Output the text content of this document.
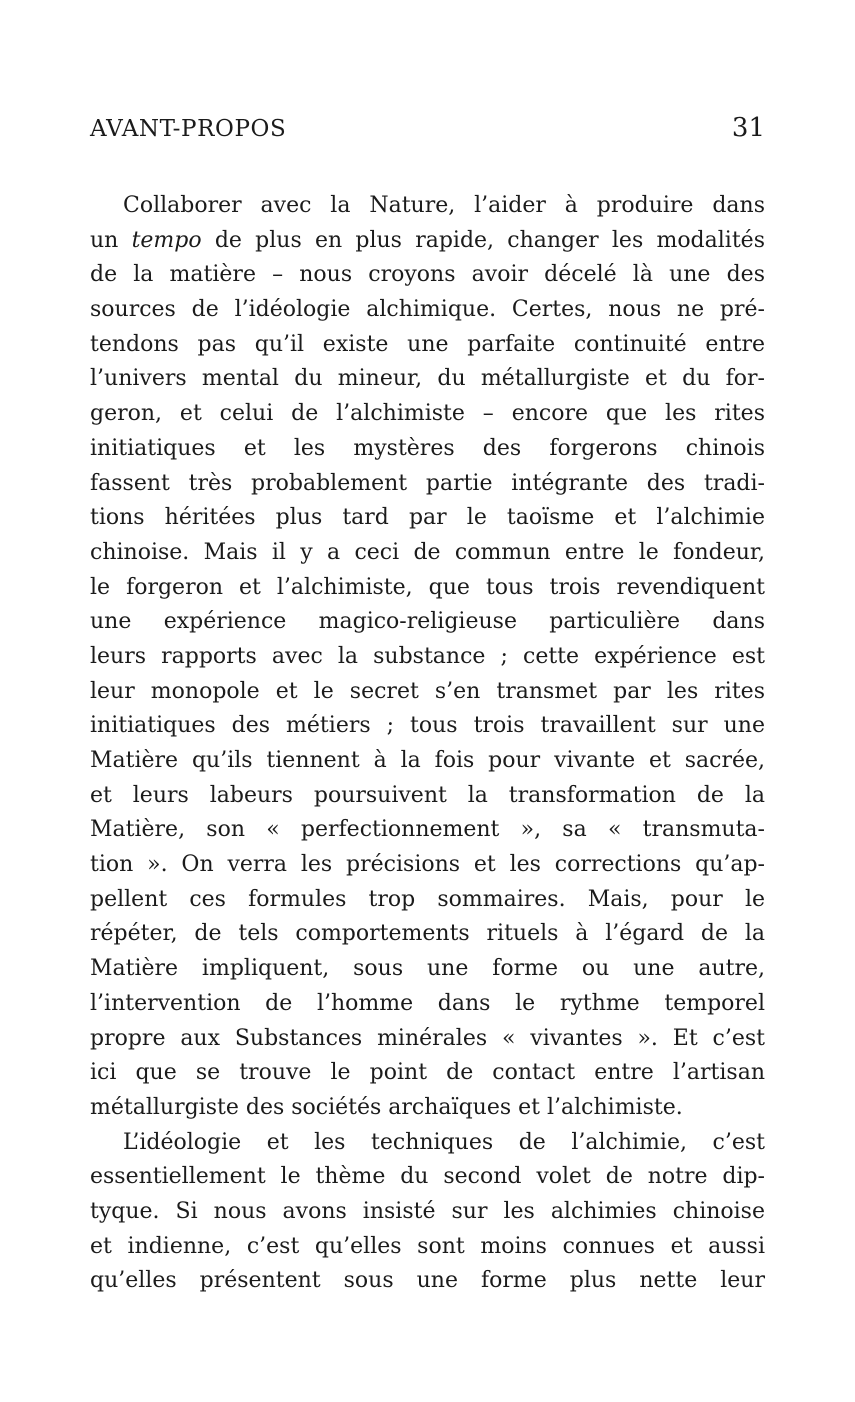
AVANT-PROPOS	31
Collaborer avec la Nature, l’aider à produire dans
un tempo de plus en plus rapide, changer les modalités
de la matière – nous croyons avoir décelé là une des
sources de l’idéologie alchimique. Certes, nous ne pré-
tendons pas qu’il existe une parfaite continuité entre
l’univers mental du mineur, du métallurgiste et du for-
geron, et celui de l’alchimiste – encore que les rites
initiatiques et les mystères des forgerons chinois
fassent très probablement partie intégrante des tradi-
tions héritées plus tard par le taoïsme et l’alchimie
chinoise. Mais il y a ceci de commun entre le fondeur,
le forgeron et l’alchimiste, que tous trois revendiquent
une expérience magico-religieuse particulière dans
leurs rapports avec la substance ; cette expérience est
leur monopole et le secret s’en transmet par les rites
initiatiques des métiers ; tous trois travaillent sur une
Matière qu’ils tiennent à la fois pour vivante et sacrée,
et leurs labeurs poursuivent la transformation de la
Matière, son « perfectionnement », sa « transmuta-
tion ». On verra les précisions et les corrections qu’ap-
pellent ces formules trop sommaires. Mais, pour le
répéter, de tels comportements rituels à l’égard de la
Matière impliquent, sous une forme ou une autre,
l’intervention de l’homme dans le rythme temporel
propre aux Substances minérales « vivantes ». Et c’est
ici que se trouve le point de contact entre l’artisan
métallurgiste des sociétés archaïques et l’alchimiste.
L’idéologie et les techniques de l’alchimie, c’est
essentiellement le thème du second volet de notre dip-
tyque. Si nous avons insisté sur les alchimies chinoise
et indienne, c’est qu’elles sont moins connues et aussi
qu’elles présentent sous une forme plus nette leur
